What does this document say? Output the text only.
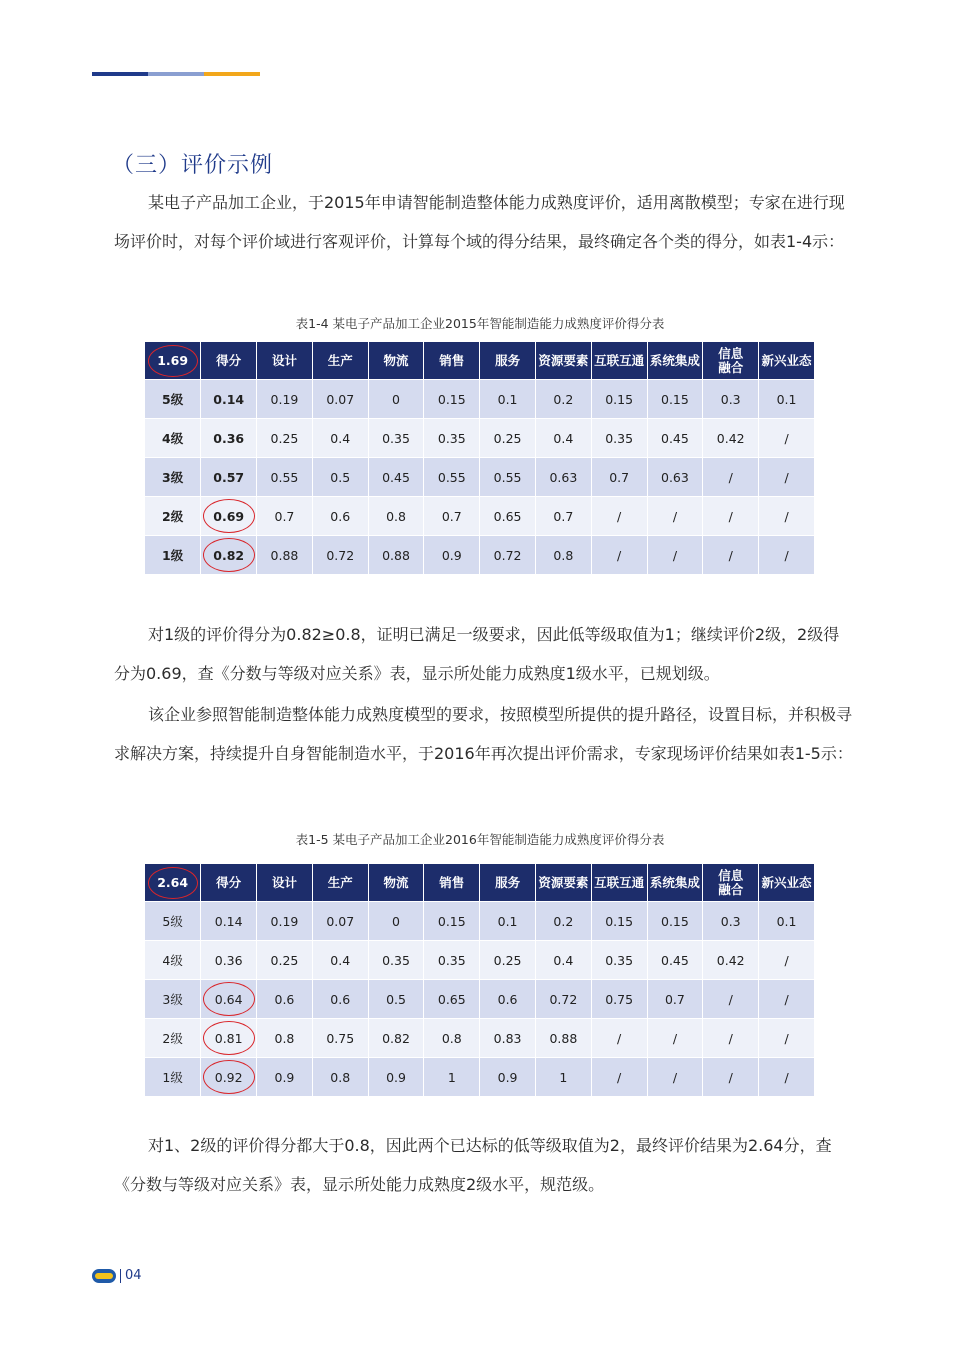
（三）评价示例

某电子产品加工企业，于2015年申请智能制造整体能力成熟度评价，适用离散模型；专家在进行现场评价时，对每个评价域进行客观评价，计算每个域的得分结果，最终确定各个类的得分，如表1-4示：

表1-4 某电子产品加工企业2015年智能制造能力成熟度评价得分表
1.69	得分	设计	生产	物流	销售	服务	资源要素	互联互通	系统集成	信息
融合	新兴业态
5级	0.14	0.19	0.07	0	0.15	0.1	0.2	0.15	0.15	0.3	0.1
4级	0.36	0.25	0.4	0.35	0.35	0.25	0.4	0.35	0.45	0.42	/
3级	0.57	0.55	0.5	0.45	0.55	0.55	0.63	0.7	0.63	/	/
2级	0.69	0.7	0.6	0.8	0.7	0.65	0.7	/	/	/	/
1级	0.82	0.88	0.72	0.88	0.9	0.72	0.8	/	/	/	/

对1级的评价得分为0.82≥0.8，证明已满足一级要求，因此低等级取值为1；继续评价2级，2级得分为0.69，查《分数与等级对应关系》表，显示所处能力成熟度1级水平，已规划级。

该企业参照智能制造整体能力成熟度模型的要求，按照模型所提供的提升路径，设置目标，并积极寻求解决方案，持续提升自身智能制造水平，于2016年再次提出评价需求，专家现场评价结果如表1-5示：

表1-5 某电子产品加工企业2016年智能制造能力成熟度评价得分表
2.64	得分	设计	生产	物流	销售	服务	资源要素	互联互通	系统集成	信息
融合	新兴业态
5级	0.14	0.19	0.07	0	0.15	0.1	0.2	0.15	0.15	0.3	0.1
4级	0.36	0.25	0.4	0.35	0.35	0.25	0.4	0.35	0.45	0.42	/
3级	0.64	0.6	0.6	0.5	0.65	0.6	0.72	0.75	0.7	/	/
2级	0.81	0.8	0.75	0.82	0.8	0.83	0.88	/	/	/	/
1级	0.92	0.9	0.8	0.9	1	0.9	1	/	/	/	/

对1、2级的评价得分都大于0.8，因此两个已达标的低等级取值为2，最终评价结果为2.64分，查《分数与等级对应关系》表，显示所处能力成熟度2级水平，规范级。

04
